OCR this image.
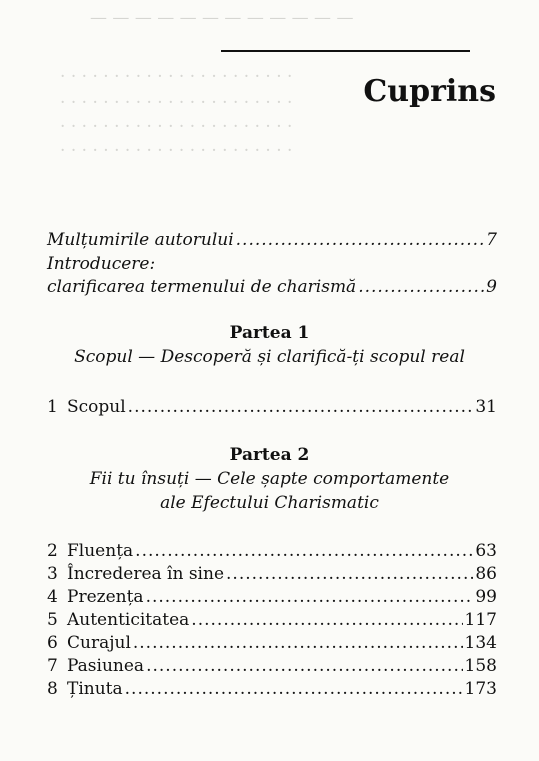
— — — — — — — — — — — —
. . . . . . . . . . . . . . . . . . . . . .
. . . . . . . . . . . . . . . . . . . . . .
. . . . . . . . . . . . . . . . . . . . . .
. . . . . . . . . . . . . . . . . . . . . .
Cuprins
Mulțumirile autorului .....	7
Introducere:
clarificarea termenului de charismă .....	9
Partea 1
Scopul — Descoperă și clarifică-ți scopul real
1 Scopul .....	31
Partea 2
Fii tu însuți — Cele șapte comportamente
ale Efectului Charismatic
2 Fluența .....	63
3 Încrederea în sine .....	86
4 Prezența .....	99
5 Autenticitatea .....	117
6 Curajul .....	134
7 Pasiunea .....	158
8 Ținuta .....	173
